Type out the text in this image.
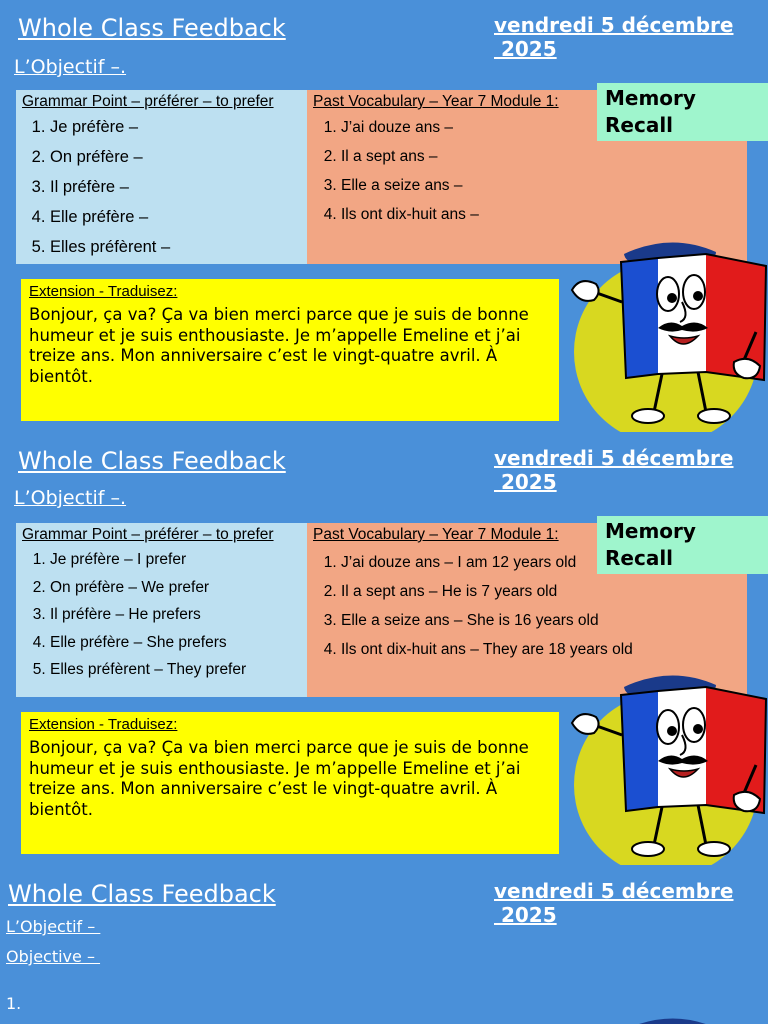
Whole Class Feedback	vendredi 5 décembre
2025
L’Objectif –.
Grammar Point – préférer – to prefer
1. Je préfère –
2. On préfère –
3. Il préfère –
4. Elle préfère –
5. Elles préfèrent –
Past Vocabulary – Year 7 Module 1:
1. J’ai douze ans –
2. Il a sept ans –
3. Elle a seize ans –
4. Ils ont dix-huit ans –
Memory Recall
Extension - Traduisez:
Bonjour, ça va? Ça va bien merci parce que je suis de bonne humeur et je suis enthousiaste. Je m’appelle Emeline et j’ai treize ans. Mon anniversaire c’est le vingt-quatre avril. À bientôt.
Whole Class Feedback	vendredi 5 décembre
2025
L’Objectif –.
Grammar Point – préférer – to prefer
1. Je préfère – I prefer
2. On préfère – We prefer
3. Il préfère – He prefers
4. Elle préfère – She prefers
5. Elles préfèrent – They prefer
Past Vocabulary – Year 7 Module 1:
1. J’ai douze ans – I am 12 years old
2. Il a sept ans – He is 7 years old
3. Elle a seize ans – She is 16 years old
4. Ils ont dix-huit ans – They are 18 years old
Memory Recall
Extension - Traduisez:
Bonjour, ça va? Ça va bien merci parce que je suis de bonne humeur et je suis enthousiaste. Je m’appelle Emeline et j’ai treize ans. Mon anniversaire c’est le vingt-quatre avril. À bientôt.
Whole Class Feedback	vendredi 5 décembre
2025
L’Objectif –
Objective –
1.
